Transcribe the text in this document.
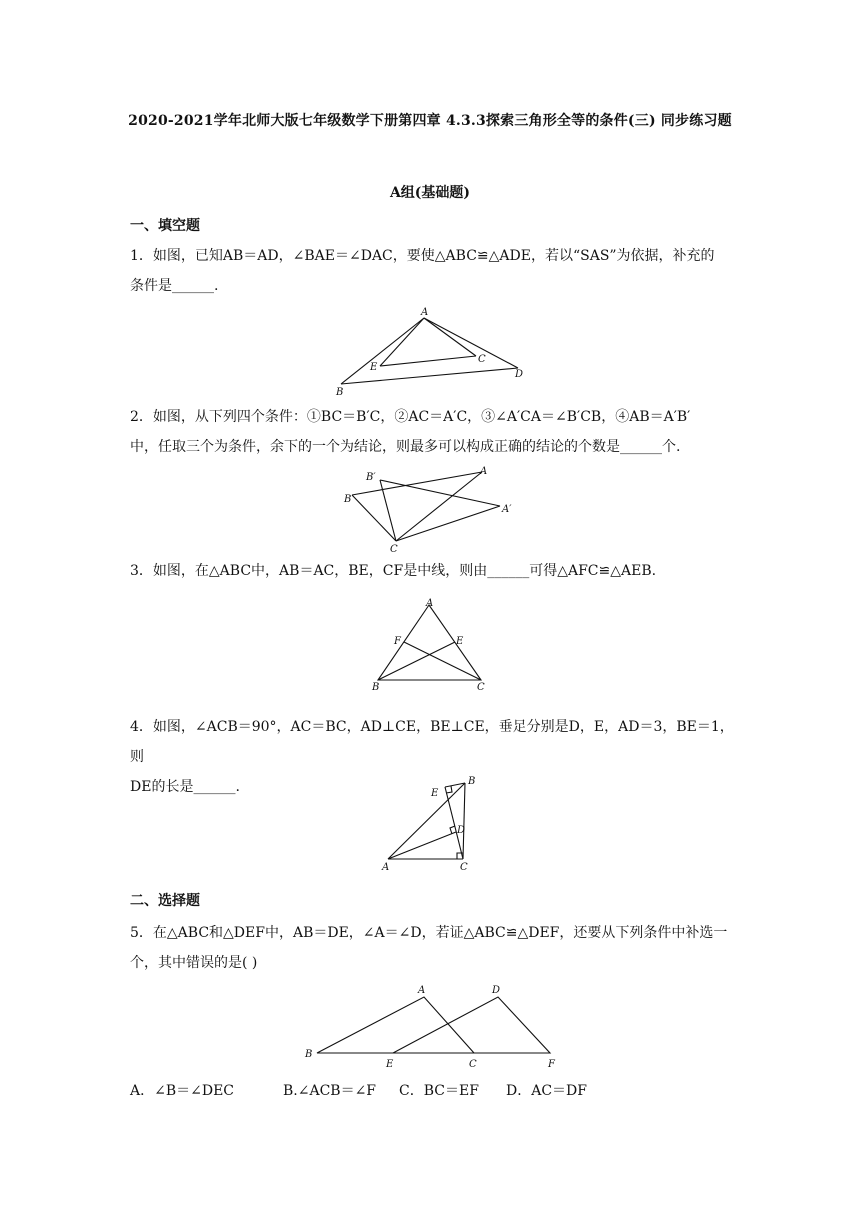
2020-2021学年北师大版七年级数学下册第四章 4.3.3探索三角形全等的条件(三) 同步练习题
A组(基础题)
一、填空题
1．如图，已知AB＝AD，∠BAE＝∠DAC，要使△ABC≌△ADE，若以“SAS”为依据，补充的
条件是______.
A
B
C
D
E
2．如图，从下列四个条件：①BC＝B′C，②AC＝A′C，③∠A′CA＝∠B′CB，④AB＝A′B′
中，任取三个为条件，余下的一个为结论，则最多可以构成正确的结论的个数是______个.
A
B
C
A′
B′
3．如图，在△ABC中，AB＝AC，BE，CF是中线，则由______可得△AFC≌△AEB.
A
B	C
E
F
4．如图，∠ACB＝90°，AC＝BC，AD⊥CE，BE⊥CE，垂足分别是D，E，AD＝3，BE＝1，则
DE的长是______.
A
B
C
D
E
二、选择题
5．在△ABC和△DEF中，AB＝DE，∠A＝∠D，若证△ABC≌△DEF，还要从下列条件中补选一
个，其中错误的是( )
A
B
C
D
E	F
A．∠B＝∠DEC	B.∠ACB＝∠F C．BC＝EF D．AC＝DF
